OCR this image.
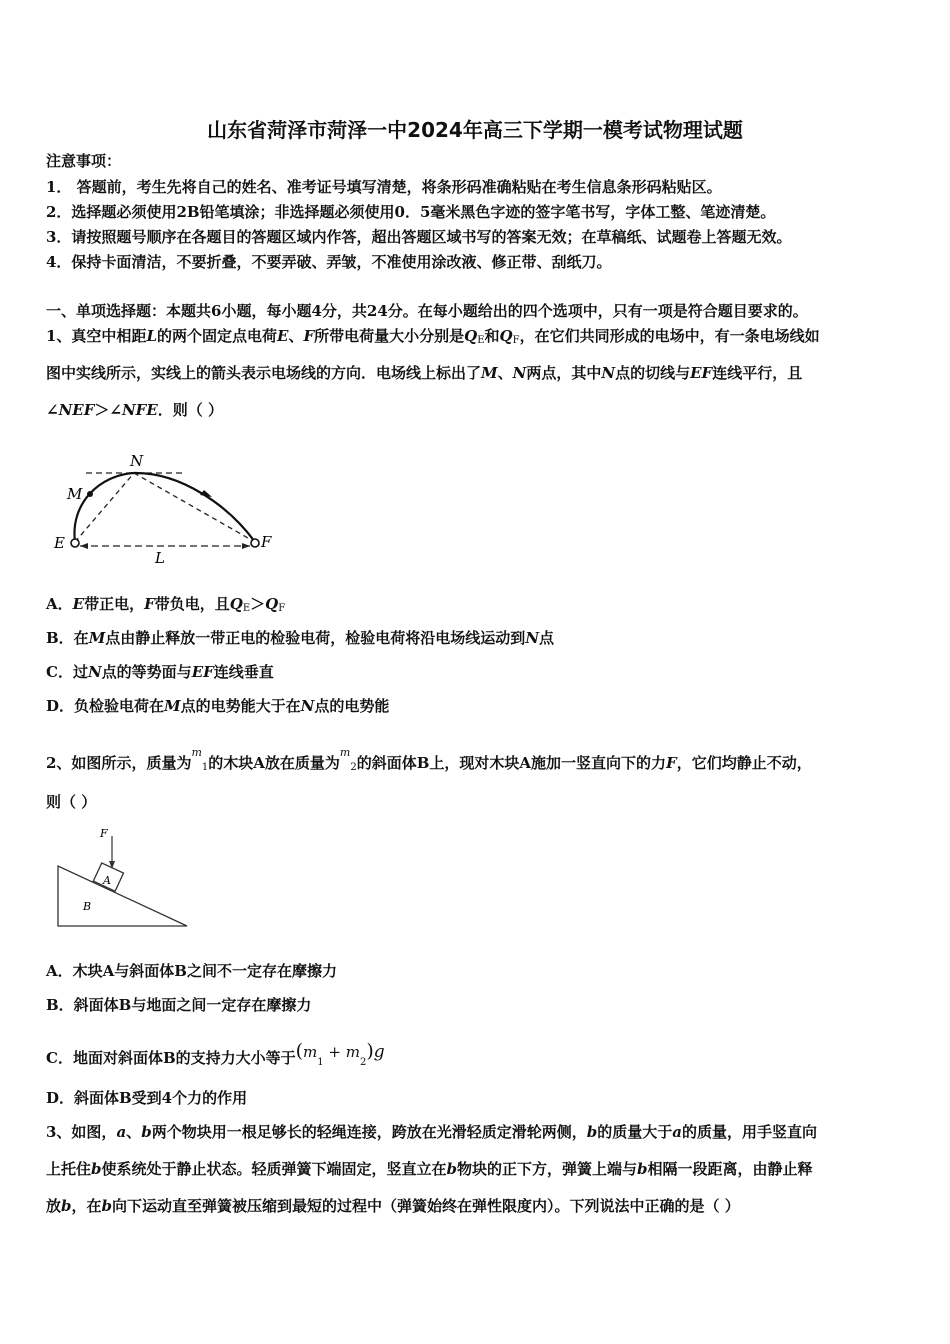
山东省菏泽市菏泽一中2024年高三下学期一模考试物理试题
注意事项：
1． 答题前，考生先将自己的姓名、准考证号填写清楚，将条形码准确粘贴在考生信息条形码粘贴区。
2．选择题必须使用2B铅笔填涂；非选择题必须使用0．5毫米黑色字迹的签字笔书写，字体工整、笔迹清楚。
3．请按照题号顺序在各题目的答题区域内作答，超出答题区域书写的答案无效；在草稿纸、试题卷上答题无效。
4．保持卡面清洁，不要折叠，不要弄破、弄皱，不准使用涂改液、修正带、刮纸刀。
一、单项选择题：本题共6小题，每小题4分，共24分。在每小题给出的四个选项中，只有一项是符合题目要求的。
1、真空中相距L的两个固定点电荷E、F所带电荷量大小分别是$Q_E$和$Q_F$，在它们共同形成的电场中，有一条电场线如
图中实线所示，实线上的箭头表示电场线的方向．电场线上标出了M、N两点，其中N点的切线与EF连线平行，且
∠NEF＞∠NFE．则（ ）
N
M
E	F
L
A．E带正电，F带负电，且$Q_E>Q_F$
B．在M点由静止释放一带正电的检验电荷，检验电荷将沿电场线运动到N点
C．过N点的等势面与EF连线垂直
D．负检验电荷在M点的电势能大于在N点的电势能
2、如图所示，质量为$^m_1$的木块A放在质量为$^m_2$的斜面体B上，现对木块A施加一竖直向下的力F，它们均静止不动，
则（ ）
F
A
B
A．木块A与斜面体B之间不一定存在摩擦力
B．斜面体B与地面之间一定存在摩擦力
C．地面对斜面体B的支持力大小等于$(m_1 + m_2)g$
D．斜面体B受到4个力的作用
3、如图，a、b两个物块用一根足够长的轻绳连接，跨放在光滑轻质定滑轮两侧，b的质量大于a的质量，用手竖直向
上托住b使系统处于静止状态。轻质弹簧下端固定，竖直立在b物块的正下方，弹簧上端与b相隔一段距离，由静止释
放b，在b向下运动直至弹簧被压缩到最短的过程中（弹簧始终在弹性限度内）。下列说法中正确的是（ ）
